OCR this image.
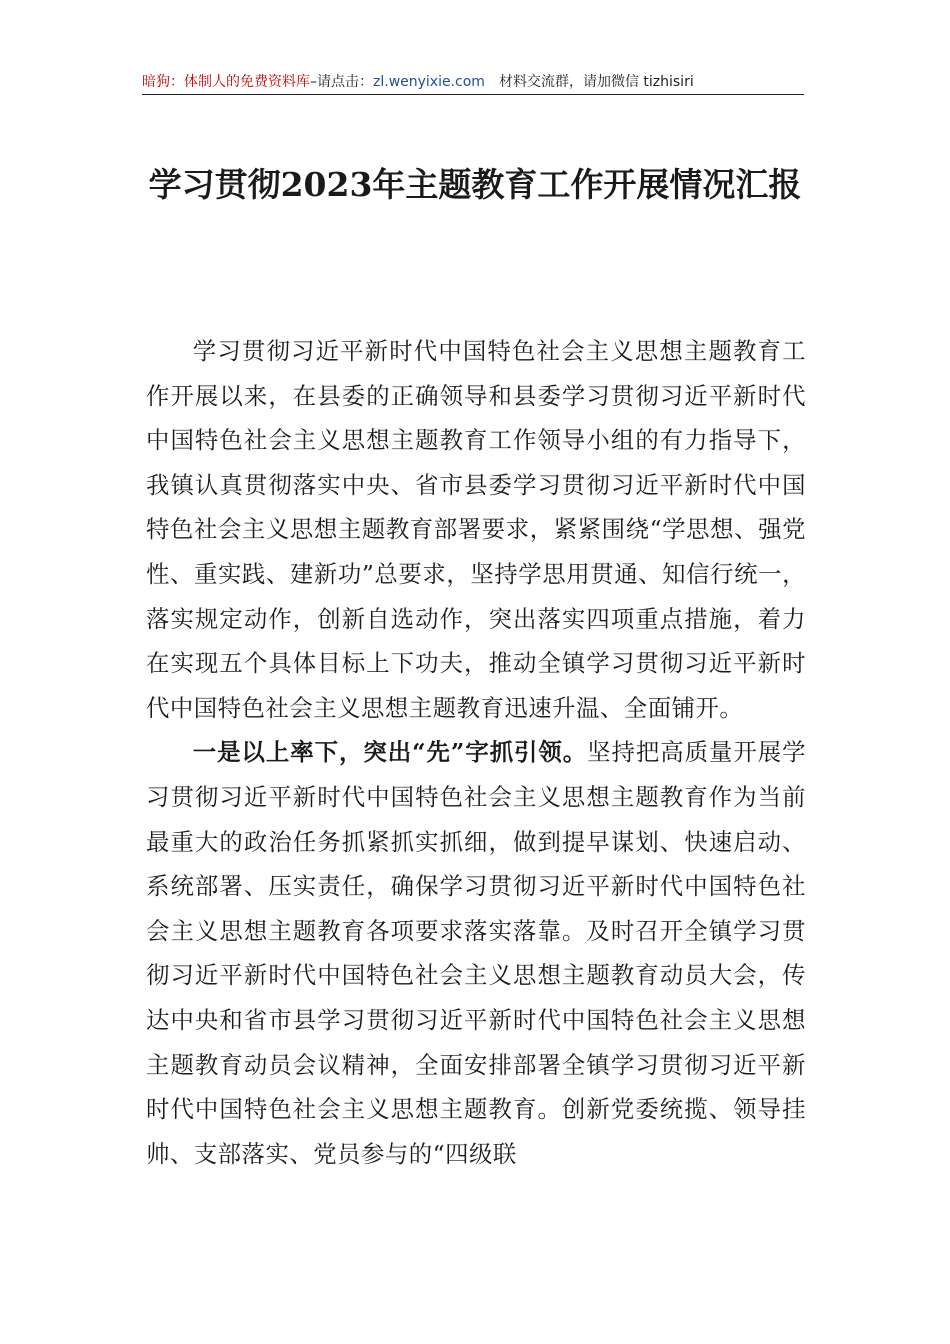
暗狗：体制人的免费资料库–请点击：zl.wenyixie.com 材料交流群，请加微信 tizhisiri
学习贯彻2023年主题教育工作开展情况汇报

学习贯彻习近平新时代中国特色社会主义思想主题教育工作开展以来，在县委的正确领导和县委学习贯彻习近平新时代中国特色社会主义思想主题教育工作领导小组的有力指导下，我镇认真贯彻落实中央、省市县委学习贯彻习近平新时代中国特色社会主义思想主题教育部署要求，紧紧围绕“学思想、强党性、重实践、建新功”总要求，坚持学思用贯通、知信行统一，落实规定动作，创新自选动作，突出落实四项重点措施，着力在实现五个具体目标上下功夫，推动全镇学习贯彻习近平新时代中国特色社会主义思想主题教育迅速升温、全面铺开。

一是以上率下，突出“先”字抓引领。坚持把高质量开展学习贯彻习近平新时代中国特色社会主义思想主题教育作为当前最重大的政治任务抓紧抓实抓细，做到提早谋划、快速启动、系统部署、压实责任，确保学习贯彻习近平新时代中国特色社会主义思想主题教育各项要求落实落靠。及时召开全镇学习贯彻习近平新时代中国特色社会主义思想主题教育动员大会，传达中央和省市县学习贯彻习近平新时代中国特色社会主义思想主题教育动员会议精神，全面安排部署全镇学习贯彻习近平新时代中国特色社会主义思想主题教育。创新党委统揽、领导挂帅、支部落实、党员参与的“四级联
